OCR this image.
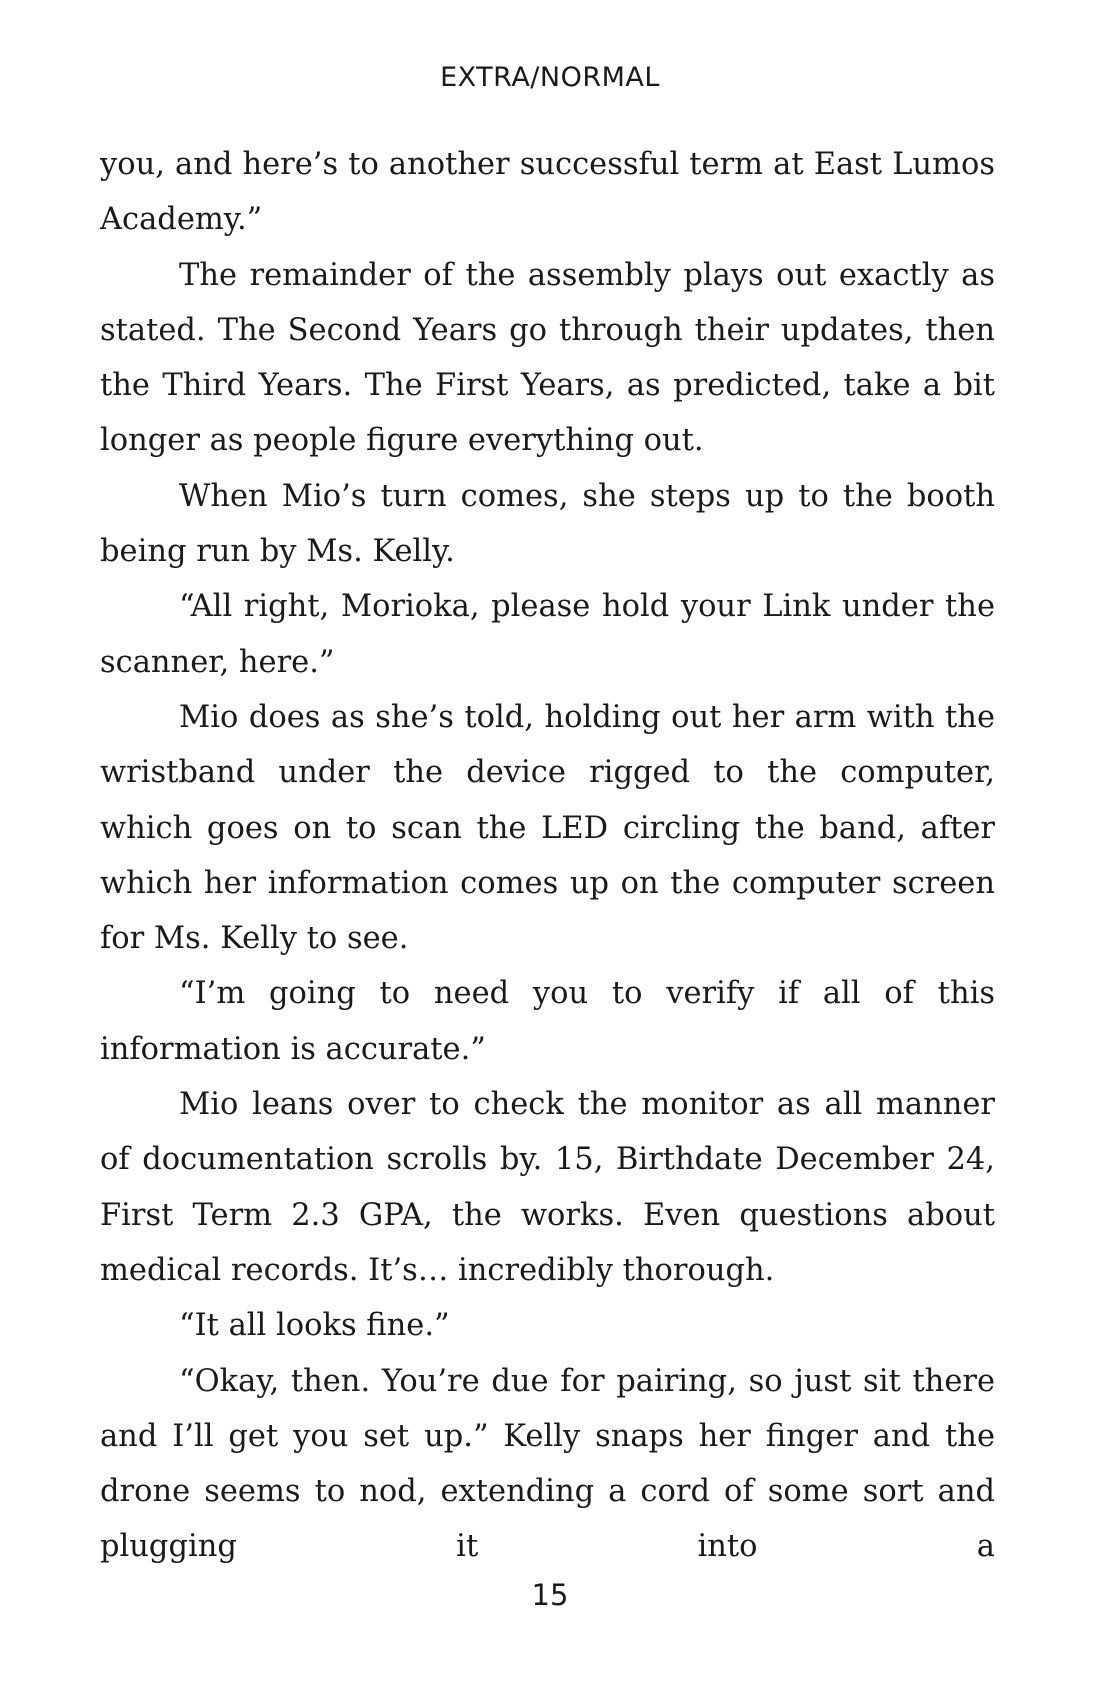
EXTRA/NORMAL

you, and here’s to another successful term at East Lumos Academy.”

The remainder of the assembly plays out exactly as stated. The Second Years go through their updates, then the Third Years. The First Years, as predicted, take a bit longer as people figure everything out.

When Mio’s turn comes, she steps up to the booth being run by Ms. Kelly.

“All right, Morioka, please hold your Link under the scanner, here.”

Mio does as she’s told, holding out her arm with the wristband under the device rigged to the computer, which goes on to scan the LED circling the band, after which her information comes up on the computer screen for Ms. Kelly to see.

“I’m going to need you to verify if all of this information is accurate.”

Mio leans over to check the monitor as all manner of documentation scrolls by. 15, Birthdate December 24, First Term 2.3 GPA, the works. Even questions about medical records. It’s… incredibly thorough.

“It all looks fine.”

“Okay, then. You’re due for pairing, so just sit there and I’ll get you set up.” Kelly snaps her finger and the drone seems to nod, extending a cord of some sort and plugging it into a

15
